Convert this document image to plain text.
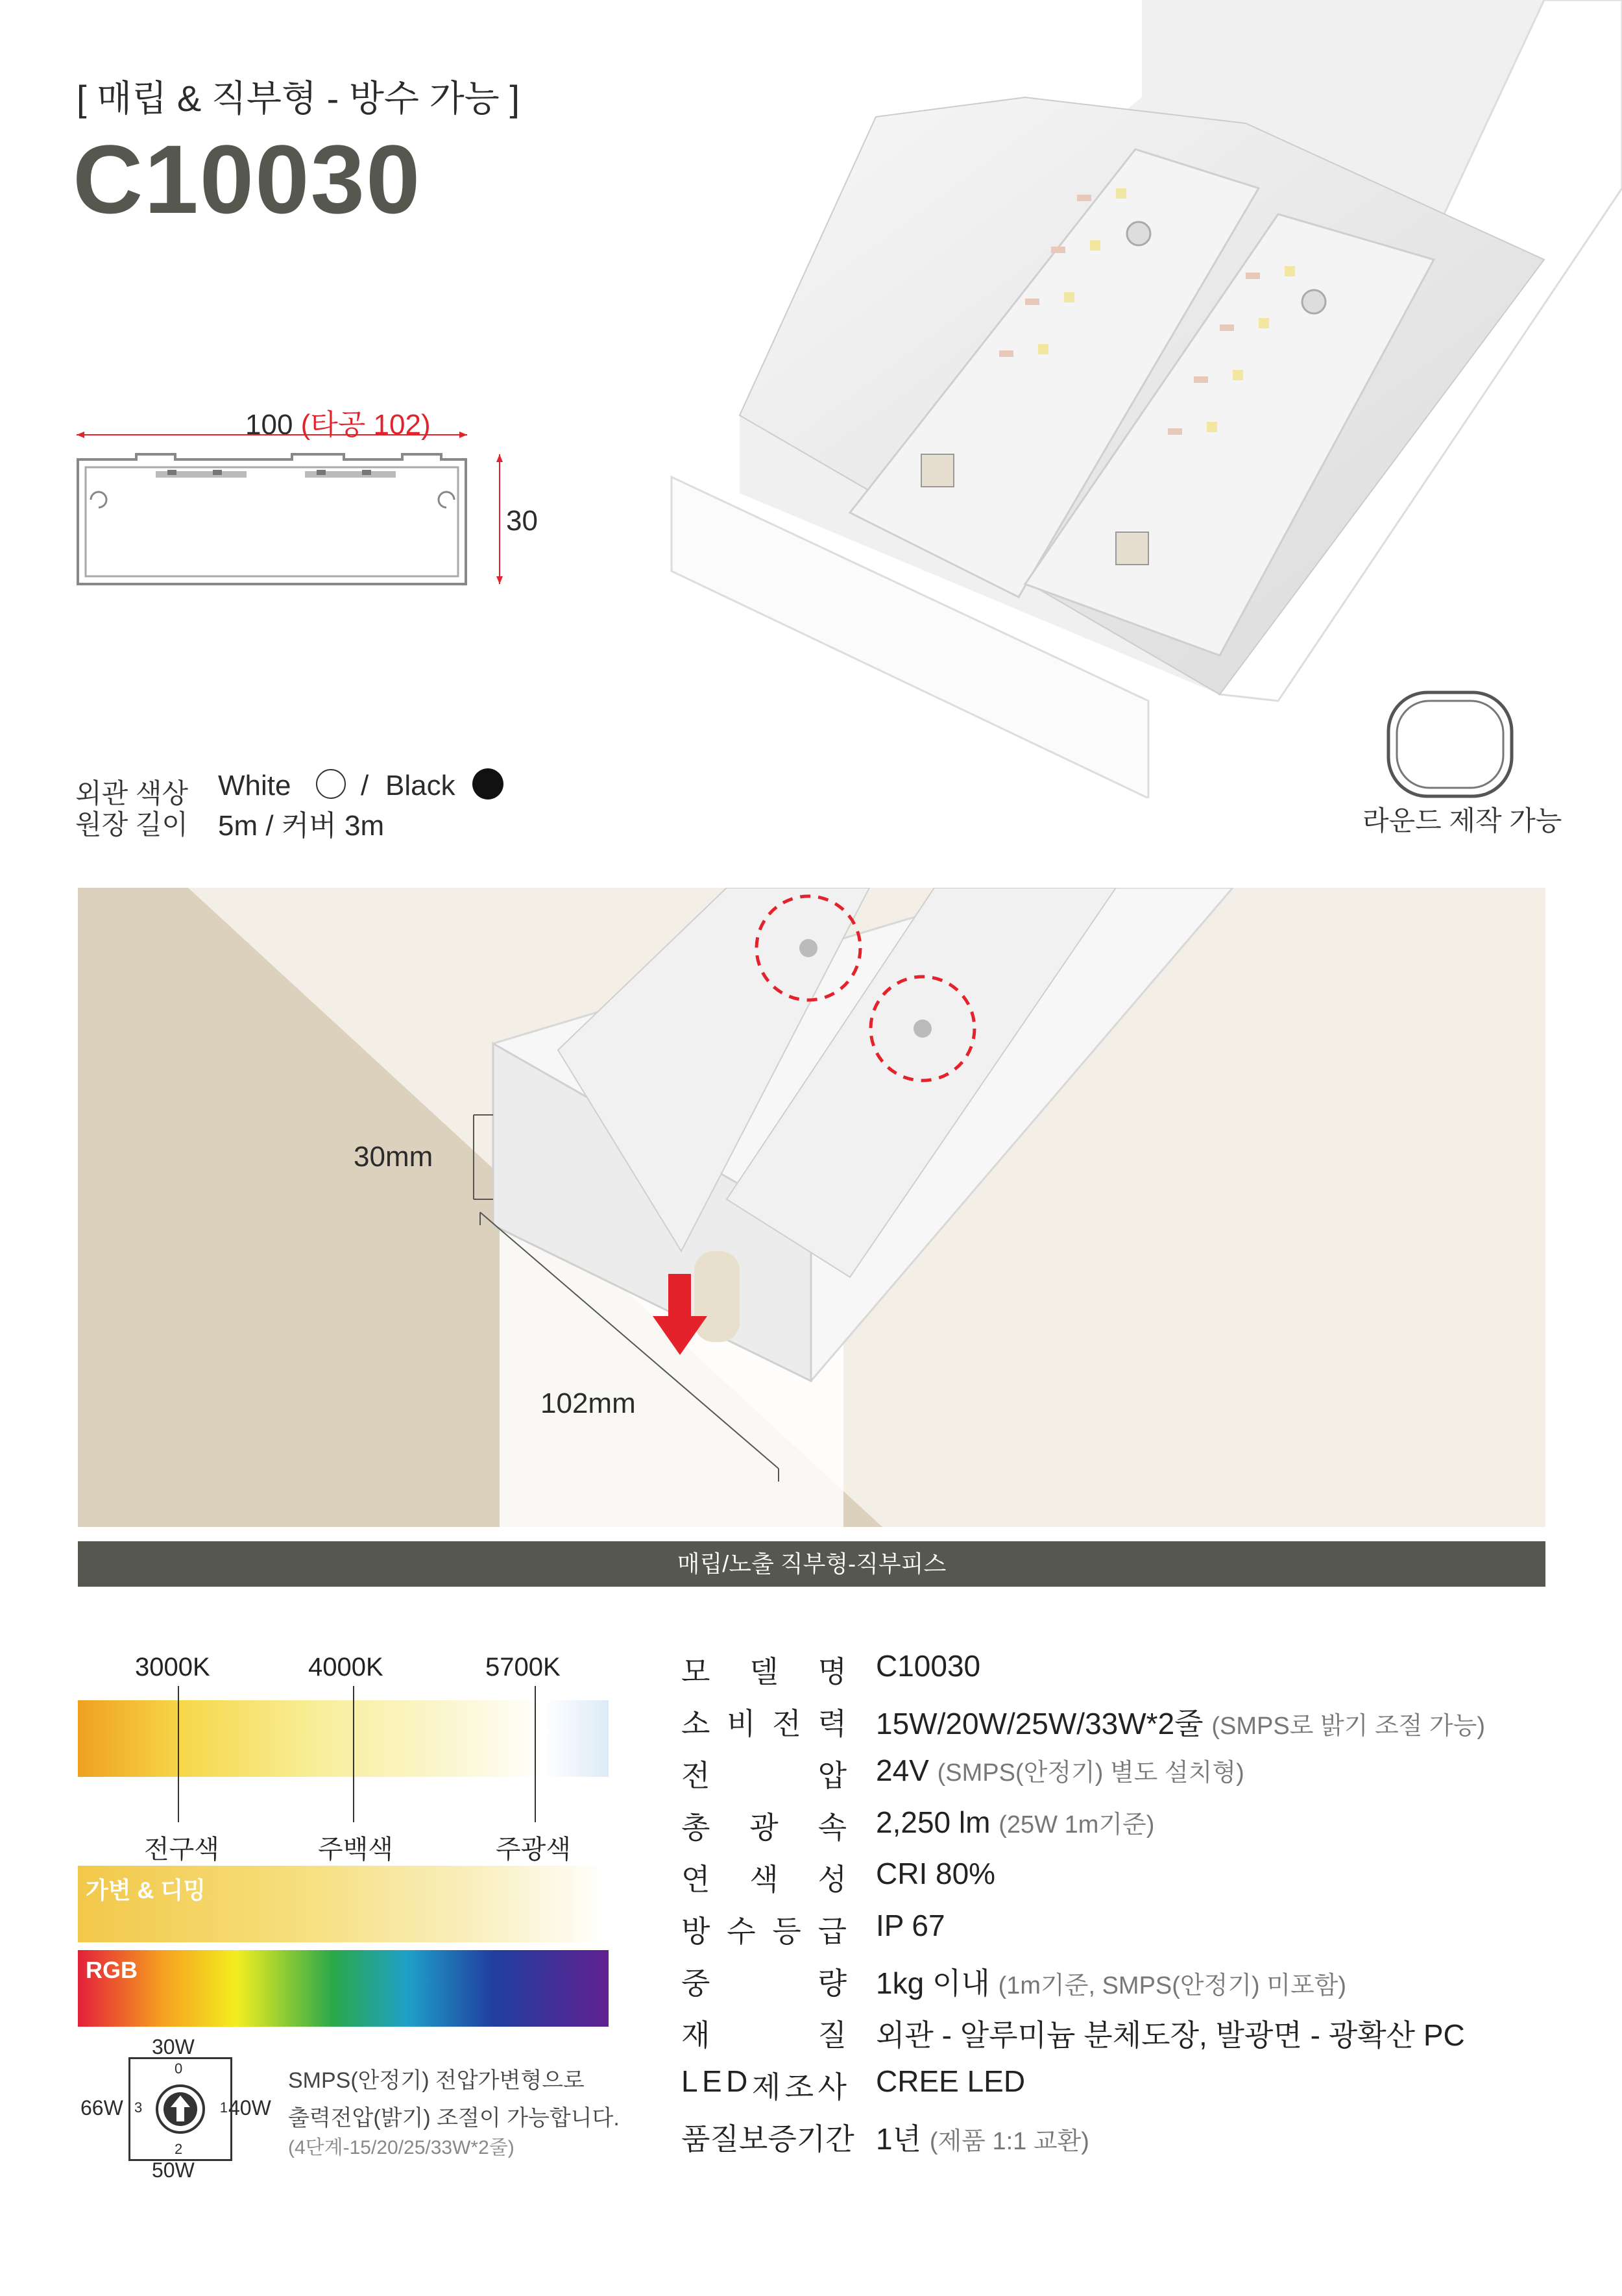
[ 매립 & 직부형 - 방수 가능 ]
C10030
100 (타공 102)
30
외관 색상 White / Black
원장 길이 5m / 커버 3m	라운드 제작 가능
30mm
102mm
매립/노출 직부형-직부피스
3000K	4000K	5700K
전구색	주백색	주광색
가변 & 디밍
RGB
30W
66W	40W
50W
0
1
2
3
SMPS(안정기) 전압가변형으로
출력전압(밝기) 조절이 가능합니다.
(4단계-15/20/25/33W*2줄)
모 델 명 C10030
소 비 전 력 15W/20W/25W/33W*2줄 (SMPS로 밝기 조절 가능)
전	압 24V (SMPS(안정기) 별도 설치형)
총 광 속 2,250 lm (25W 1m기준)
연 색 성 CRI 80%
방 수 등 급 IP 67
중	량 1kg 이내 (1m기준, SMPS(안정기) 미포함)
재	질 외관 - 알루미늄 분체도장, 발광면 - 광확산 PC
L E D 제 조 사 CREE LED
품 질 보 증 기 간 1년 (제품 1:1 교환)
